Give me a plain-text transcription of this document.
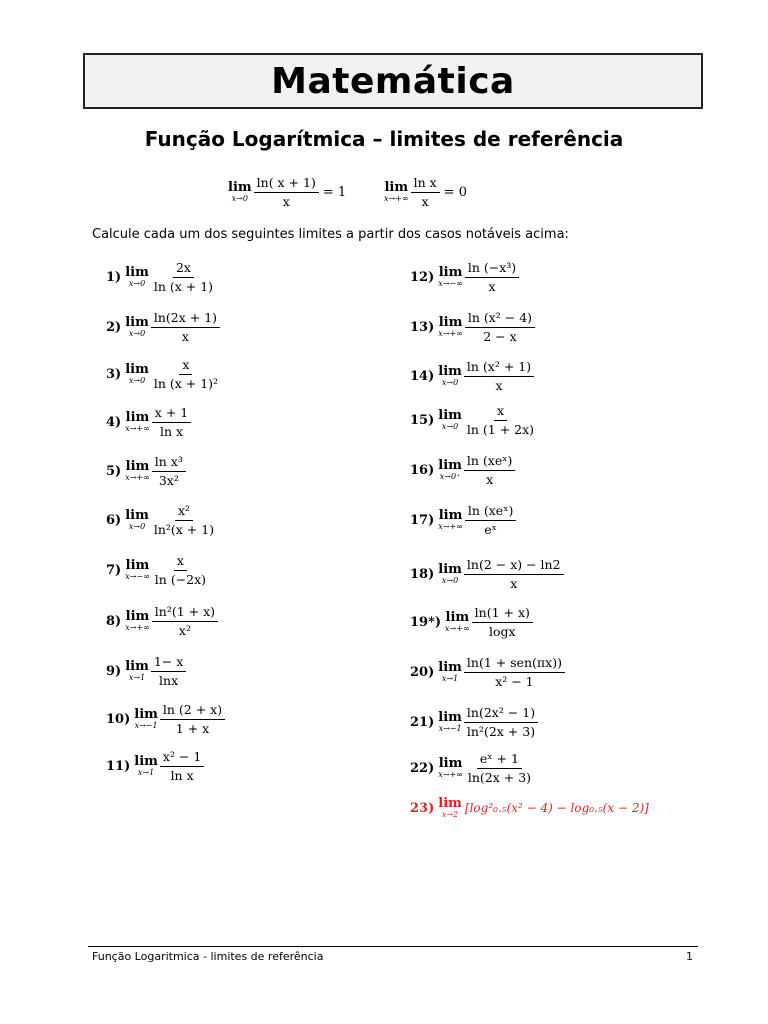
Matemática
Função Logarítmica – limites de referência
lim
$x\to 0 \frac{\ln( x + 1)}{x} = 1$	lim
$x\to+\infty \frac{\text{ln x}}{x} = 0$
Calcule cada um dos seguintes limites a partir dos casos notáveis acima:
1) lim
$x\to 0 \frac{2x}{\ln (x + 1)}$
2) lim
$x\to 0 \frac{\ln(2x + 1)}{x}$
3) lim
$x\to 0 \frac{x}{\text{ln (x + 1)²}}$
4) lim
$x\to+\infty \frac{x + 1}{\text{ln x}}$
5) lim
$x\to+\infty \frac{\text{ln x³}}{\text{3x²}}$
6) lim
$x\to 0 \frac{\text{x²}}{\text{ln²(x + 1)}}$
7) lim
$x\to-\infty \frac{x}{\ln (-2x)}$
8) lim
$x\to+\infty \frac{\text{ln²(1 + x)}}{\text{x²}}$
9) lim
$x\to 1 \frac{1- x}{\ln x}$
10) lim
$x\to-1 \frac{\ln (2 + x)}{1 + x}$
11) lim
$x\to 1 \frac{\text{x² − 1}}{\text{ln x}}$
12) lim
$x\to-\infty \frac{\text{ln (−x³)}}{x}$
13) lim
$x\to+\infty \frac{\text{ln (x² − 4)}}{2 - x}$
14) lim
$x\to 0 \frac{\text{ln (x² + 1)}}{x}$
15) lim
$x\to 0 \frac{x}{\ln (1 + 2x)}$
16) lim
$x\to 0^+ \frac{\text{ln (xeˣ)}}{x}$
17) lim
$x\to+\infty \frac{\text{ln (xeˣ)}}{\text{eˣ}}$
18) lim
$x\to 0 \frac{\ln(2 - x) - \ln 2}{x}$
19*) lim
$x\to+\infty \frac{\ln(1 + x)}{\log x}$
20) lim
$x\to 1 \frac{\text{ln(1 + sen(πx))}}{\text{x² − 1}}$
21) lim
$x\to-1 \frac{\text{ln(2x² − 1)}}{\text{ln²(2x + 3)}}$
22) lim
$x\to+\infty \frac{\text{eˣ + 1}}{\ln(2x + 3)}$
23) lim
x→2 [log²₀.₅(x² − 4) − log₀.₅(x − 2)]
Função Logaritmica - limites de referência	1
